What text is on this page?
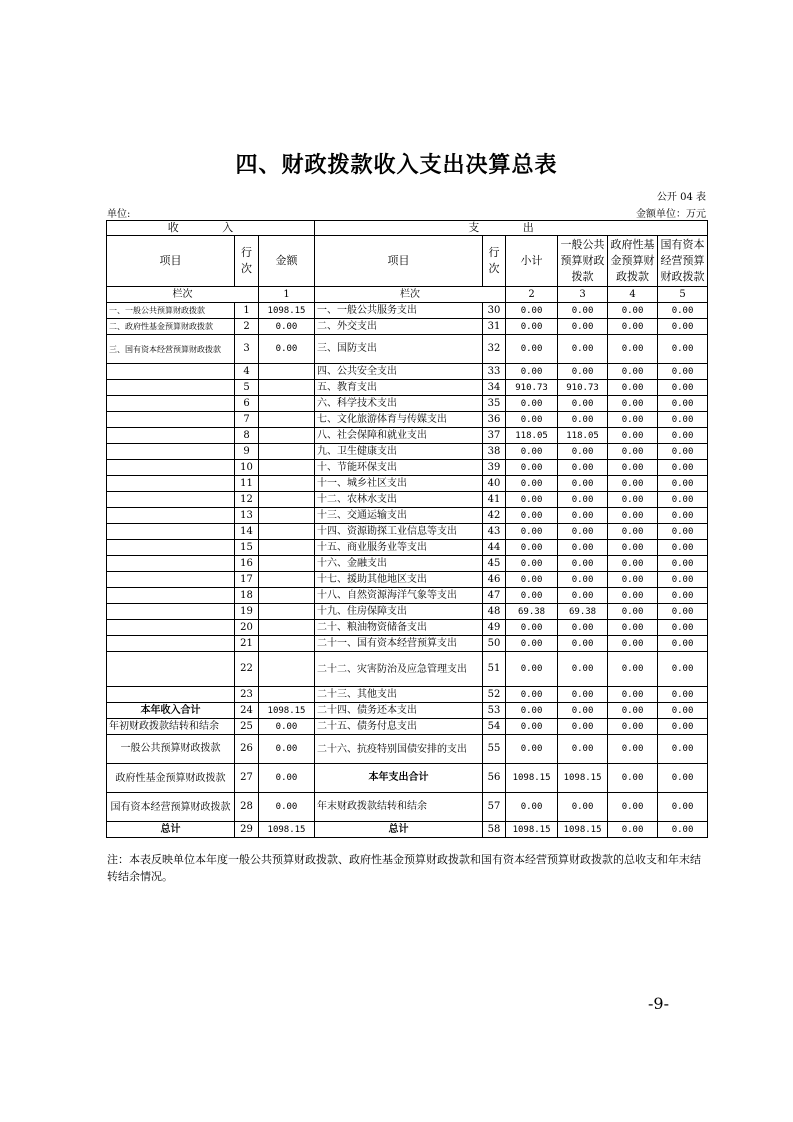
四、财政拨款收入支出决算总表
公开 04 表
单位:	金额单位：万元
收 入			支 出					
项目	行次	金额	项目	行次	小计	一般公共预算财政拨款	政府性基金预算财政拨款	国有资本经营预算财政拨款
栏次		1	栏次		2	3	4	5
一、一般公共预算财政拨款	1	1098.15	一、一般公共服务支出	30	0.00	0.00	0.00	0.00
二、政府性基金预算财政拨款	2	0.00	二、外交支出	31	0.00	0.00	0.00	0.00
三、国有资本经营预算财政拨款	3	0.00	三、国防支出	32	0.00	0.00	0.00	0.00
	4		四、公共安全支出	33	0.00	0.00	0.00	0.00
	5		五、教育支出	34	910.73	910.73	0.00	0.00
	6		六、科学技术支出	35	0.00	0.00	0.00	0.00
	7		七、文化旅游体育与传媒支出	36	0.00	0.00	0.00	0.00
	8		八、社会保障和就业支出	37	118.05	118.05	0.00	0.00
	9		九、卫生健康支出	38	0.00	0.00	0.00	0.00
	10		十、节能环保支出	39	0.00	0.00	0.00	0.00
	11		十一、城乡社区支出	40	0.00	0.00	0.00	0.00
	12		十二、农林水支出	41	0.00	0.00	0.00	0.00
	13		十三、交通运输支出	42	0.00	0.00	0.00	0.00
	14		十四、资源勘探工业信息等支出	43	0.00	0.00	0.00	0.00
	15		十五、商业服务业等支出	44	0.00	0.00	0.00	0.00
	16		十六、金融支出	45	0.00	0.00	0.00	0.00
	17		十七、援助其他地区支出	46	0.00	0.00	0.00	0.00
	18		十八、自然资源海洋气象等支出	47	0.00	0.00	0.00	0.00
	19		十九、住房保障支出	48	69.38	69.38	0.00	0.00
	20		二十、粮油物资储备支出	49	0.00	0.00	0.00	0.00
	21		二十一、国有资本经营预算支出	50	0.00	0.00	0.00	0.00
	22		二十二、灾害防治及应急管理支出	51	0.00	0.00	0.00	0.00
	23		二十三、其他支出	52	0.00	0.00	0.00	0.00
本年收入合计	24	1098.15	二十四、债务还本支出	53	0.00	0.00	0.00	0.00
年初财政拨款结转和结余	25	0.00	二十五、债务付息支出	54	0.00	0.00	0.00	0.00
一般公共预算财政拨款	26	0.00	二十六、抗疫特别国债安排的支出	55	0.00	0.00	0.00	0.00
政府性基金预算财政拨款	27	0.00	本年支出合计	56	1098.15	1098.15	0.00	0.00
国有资本经营预算财政拨款	28	0.00	年末财政拨款结转和结余	57	0.00	0.00	0.00	0.00
总计	29	1098.15	总计	58	1098.15	1098.15	0.00	0.00
注：本表反映单位本年度一般公共预算财政拨款、政府性基金预算财政拨款和国有资本经营预算财政拨款的总收支和年末结转结余情况。
-9-
